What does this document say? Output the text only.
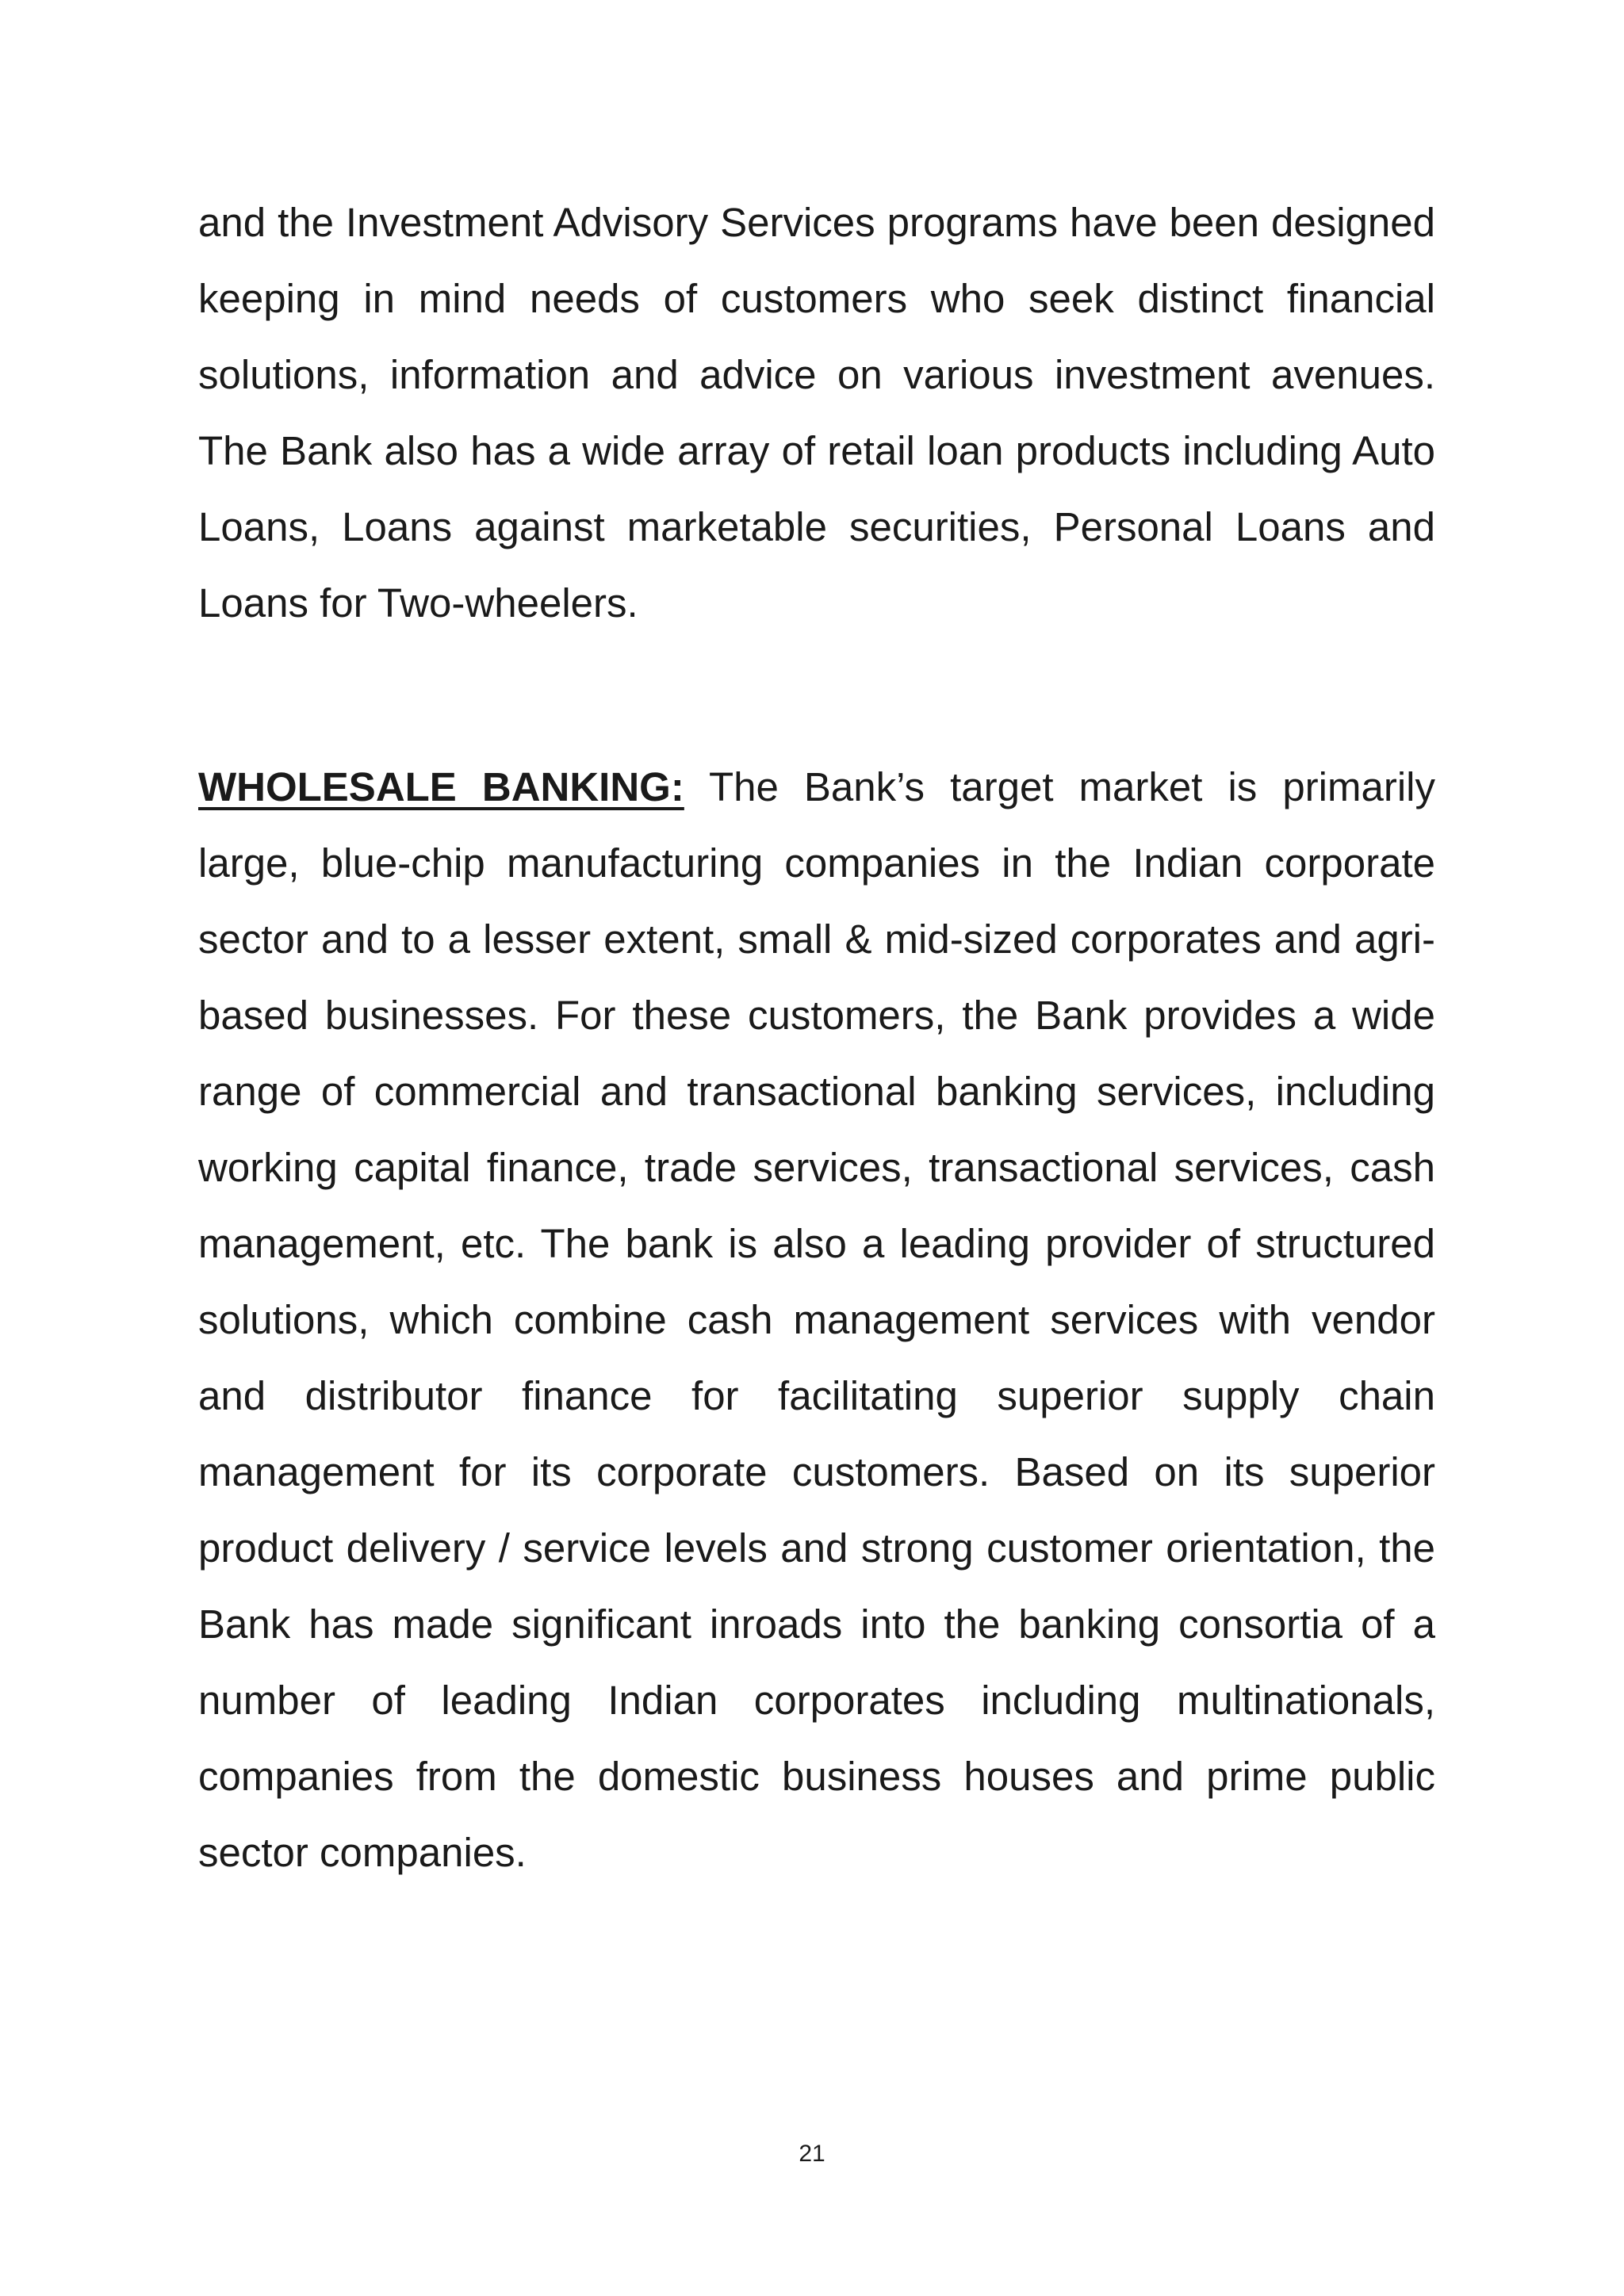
and the Investment Advisory Services programs have been designed keeping in mind needs of customers who seek distinct financial solutions, information and advice on various investment avenues. The Bank also has a wide array of retail loan products including Auto Loans, Loans against marketable securities, Personal Loans and Loans for Two-wheelers.

WHOLESALE BANKING: The Bank’s target market is primarily large, blue-chip manufacturing companies in the Indian corporate sector and to a lesser extent, small & mid-sized corporates and agri-based businesses. For these customers, the Bank provides a wide range of commercial and transactional banking services, including working capital finance, trade services, transactional services, cash management, etc. The bank is also a leading provider of structured solutions, which combine cash management services with vendor and distributor finance for facilitating superior supply chain management for its corporate customers. Based on its superior product delivery / service levels and strong customer orientation, the Bank has made significant inroads into the banking consortia of a number of leading Indian corporates including multinationals, companies from the domestic business houses and prime public sector companies.

21
